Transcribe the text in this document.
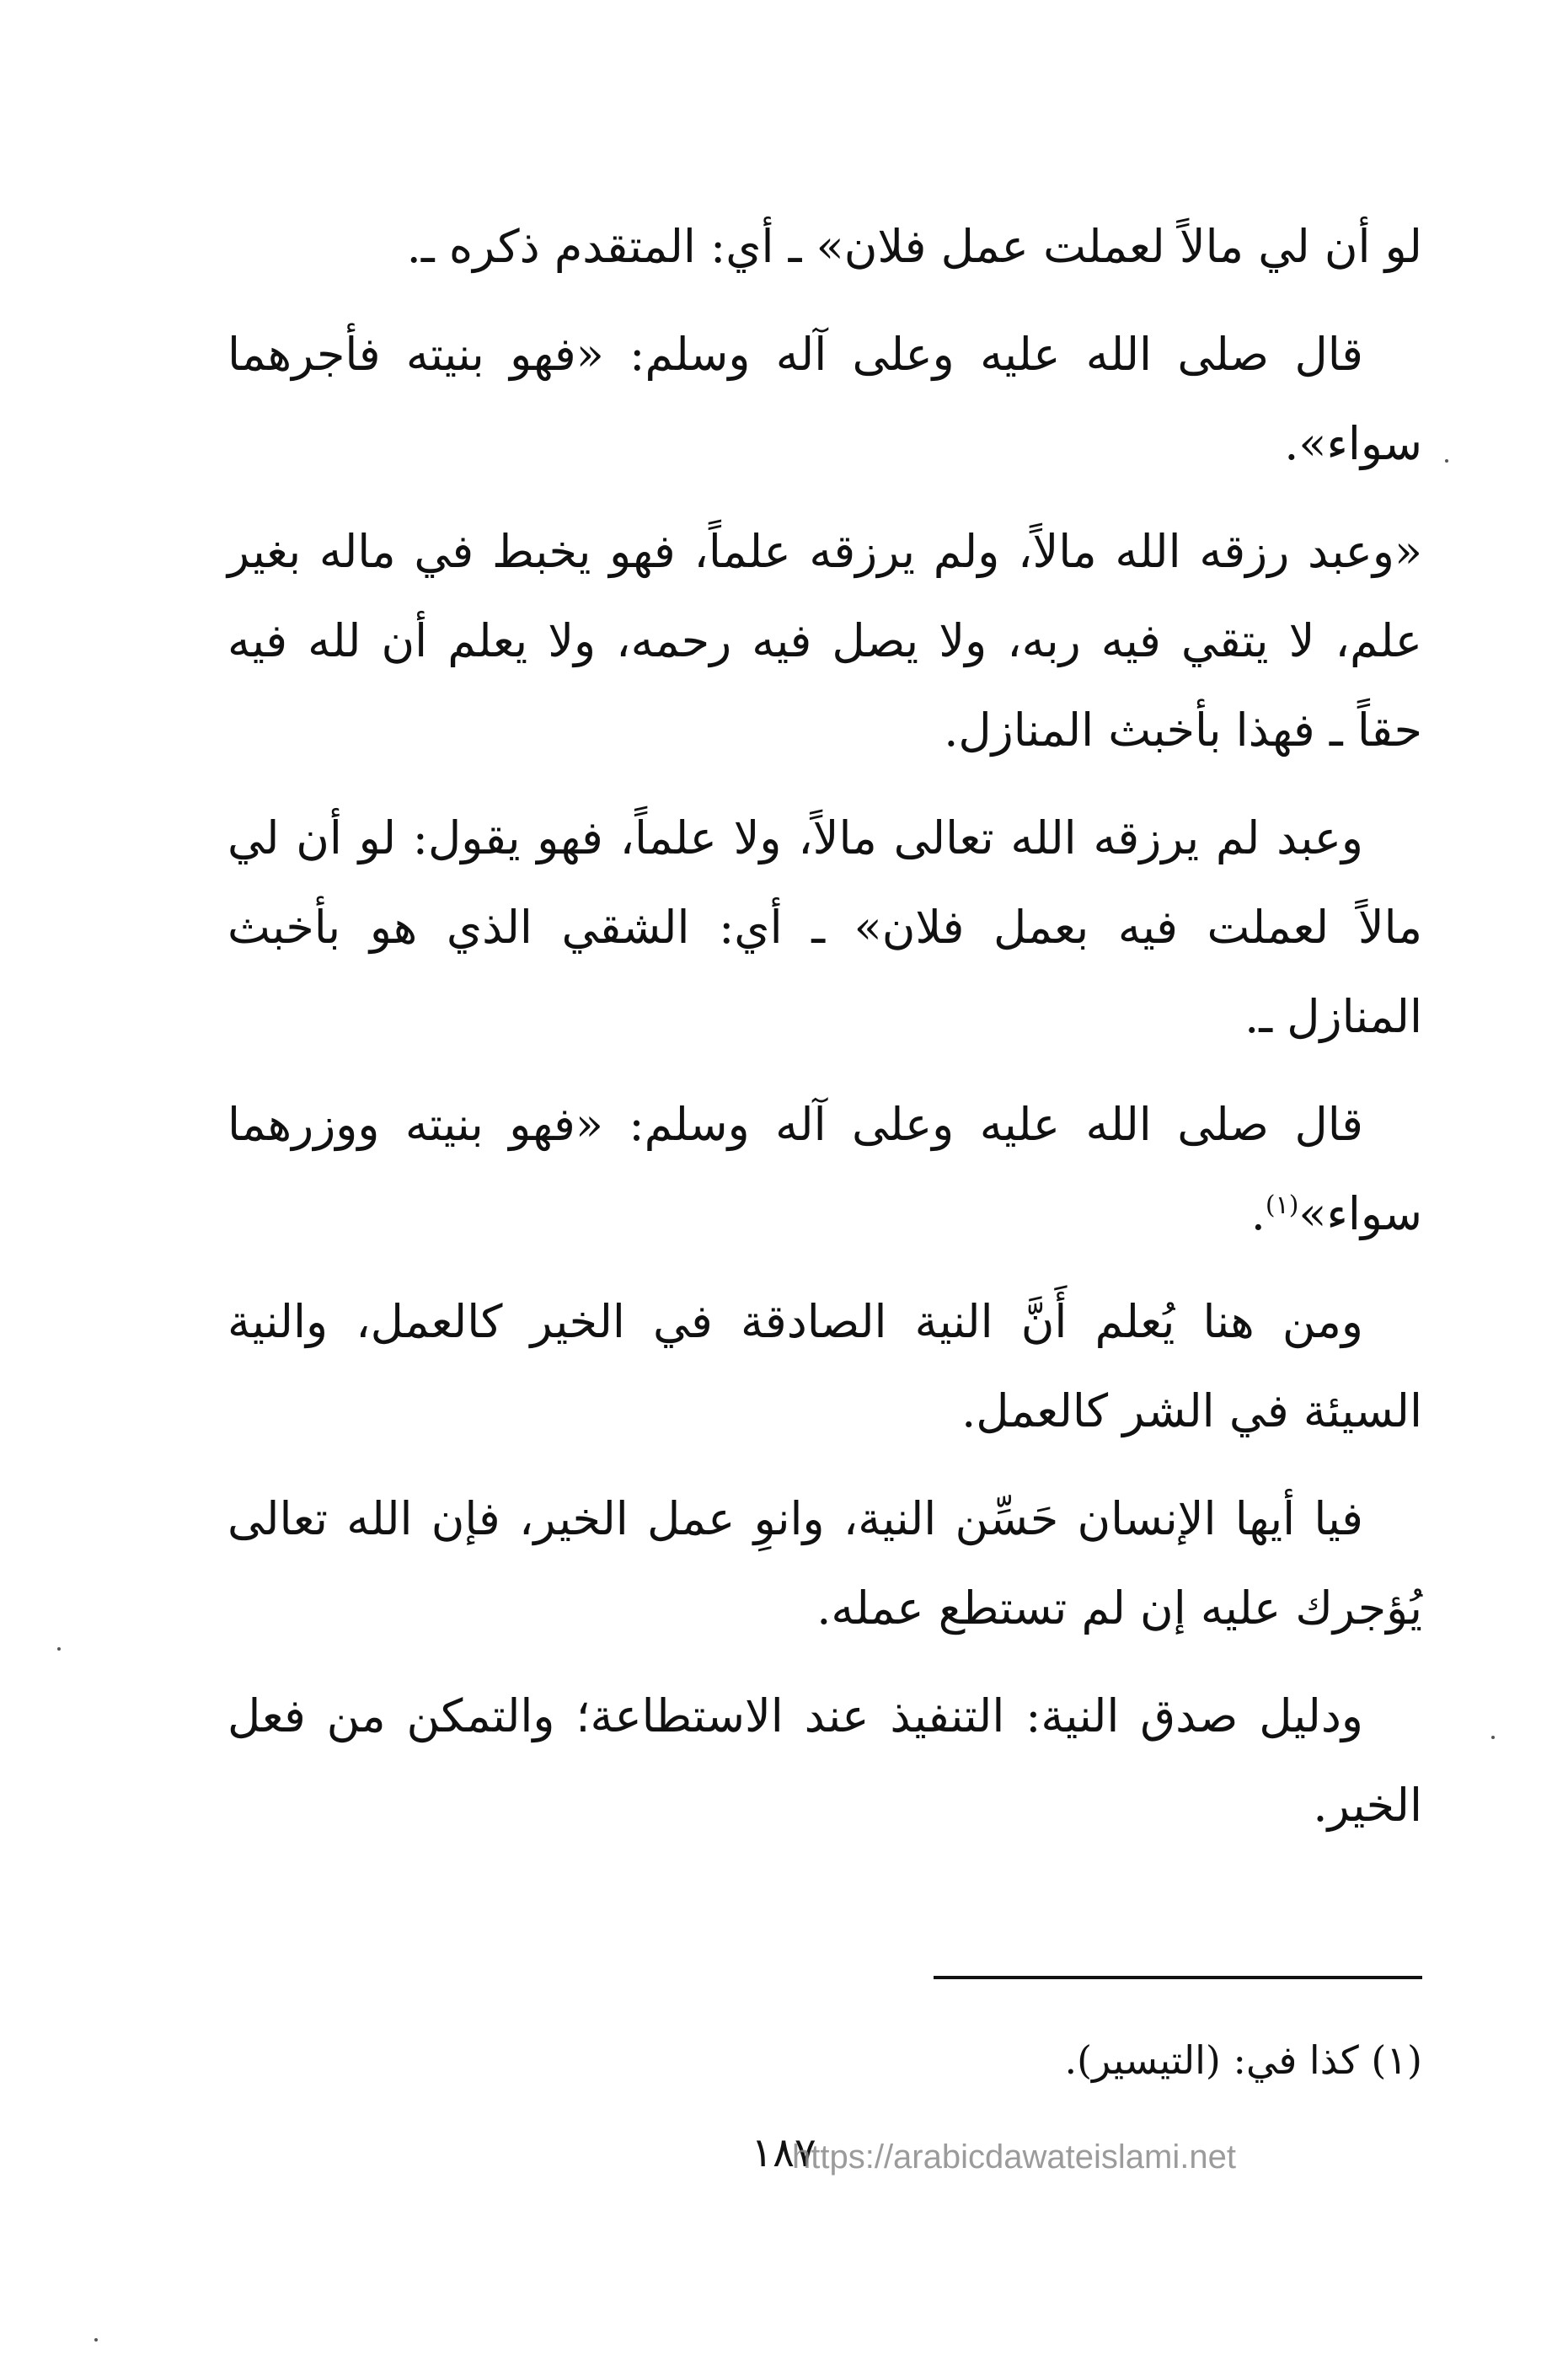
لو أن لي مالاً لعملت عمل فلان» ـ أي: المتقدم ذكره ـ.

قال صلى الله عليه وعلى آله وسلم: «فهو بنيته فأجرهما سواء».

«وعبد رزقه الله مالاً، ولم يرزقه علماً، فهو يخبط في ماله بغير علم، لا يتقي فيه ربه، ولا يصل فيه رحمه، ولا يعلم أن لله فيه حقاً ـ فهذا بأخبث المنازل.

وعبد لم يرزقه الله تعالى مالاً، ولا علماً، فهو يقول: لو أن لي مالاً لعملت فيه بعمل فلان» ـ أي: الشقي الذي هو بأخبث المنازل ـ.

قال صلى الله عليه وعلى آله وسلم: «فهو بنيته ووزرهما سواء»$^{(١)}$.

ومن هنا يُعلم أَنَّ النية الصادقة في الخير كالعمل، والنية السيئة في الشر كالعمل.

فيا أيها الإنسان حَسِّن النية، وانوِ عمل الخير، فإن الله تعالى يُؤجرك عليه إن لم تستطع عمله.

ودليل صدق النية: التنفيذ عند الاستطاعة؛ والتمكن من فعل الخير.

(١) كذا في: (التيسير).
١٨٧
https://arabicdawateislami.net
